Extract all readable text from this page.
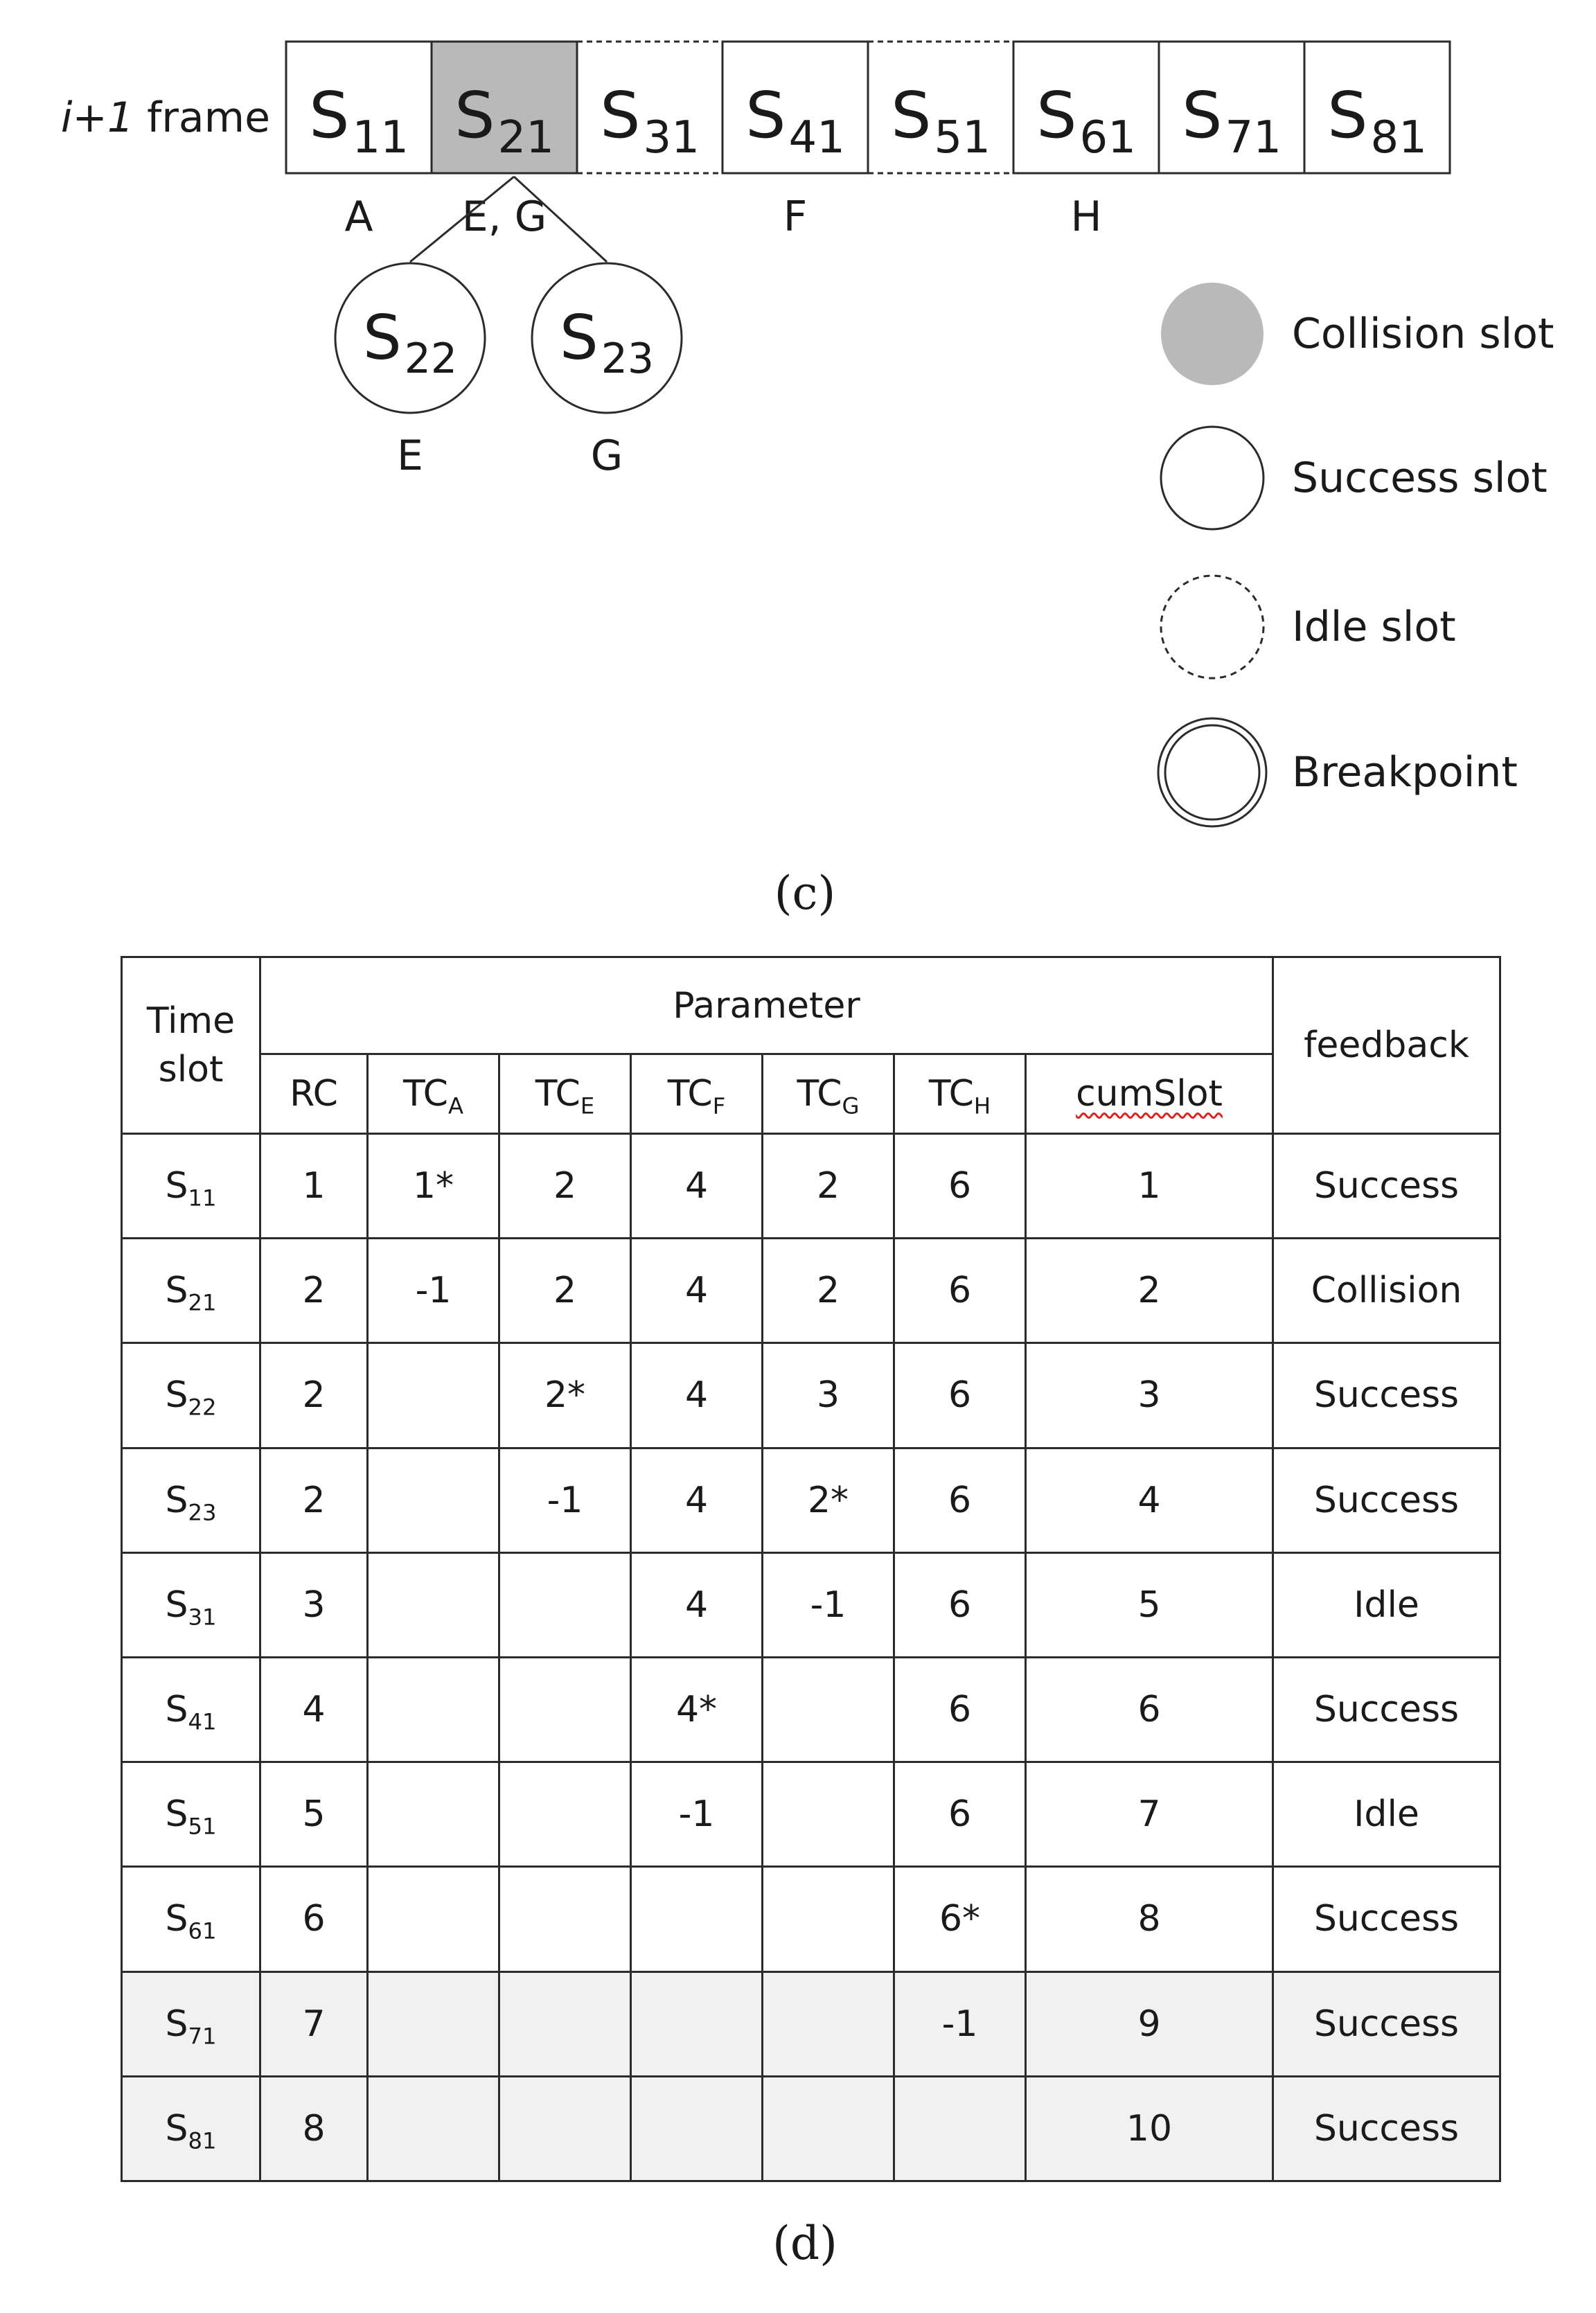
i+1 frame $S_{11}$ $S_{21}$ $S_{31}$ $S_{41}$ $S_{51}$ $S_{61}$ $S_{71}$ $S_{81}$
A E, G	F	H
$S_{22}$
E
$S_{23}$
G
Collision slot
Success slot
Idle slot
Breakpoint
(c)
Time slot	Parameter							feedback
	RC	$TC_A$	$TC_E$	$TC_F$	$TC_G$	$TC_H$	cumSlot	
$S_{11}$	1	1*	2	4	2	6	1	Success
$S_{21}$	2	-1	2	4	2	6	2	Collision
$S_{22}$	2		2*	4	3	6	3	Success
$S_{23}$	2		-1	4	2*	6	4	Success
$S_{31}$	3			4	-1	6	5	Idle
$S_{41}$	4			4*		6	6	Success
$S_{51}$	5			-1		6	7	Idle
$S_{61}$	6					6*	8	Success
$S_{71}$	7					-1	9	Success
$S_{81}$	8						10	Success
(d)
